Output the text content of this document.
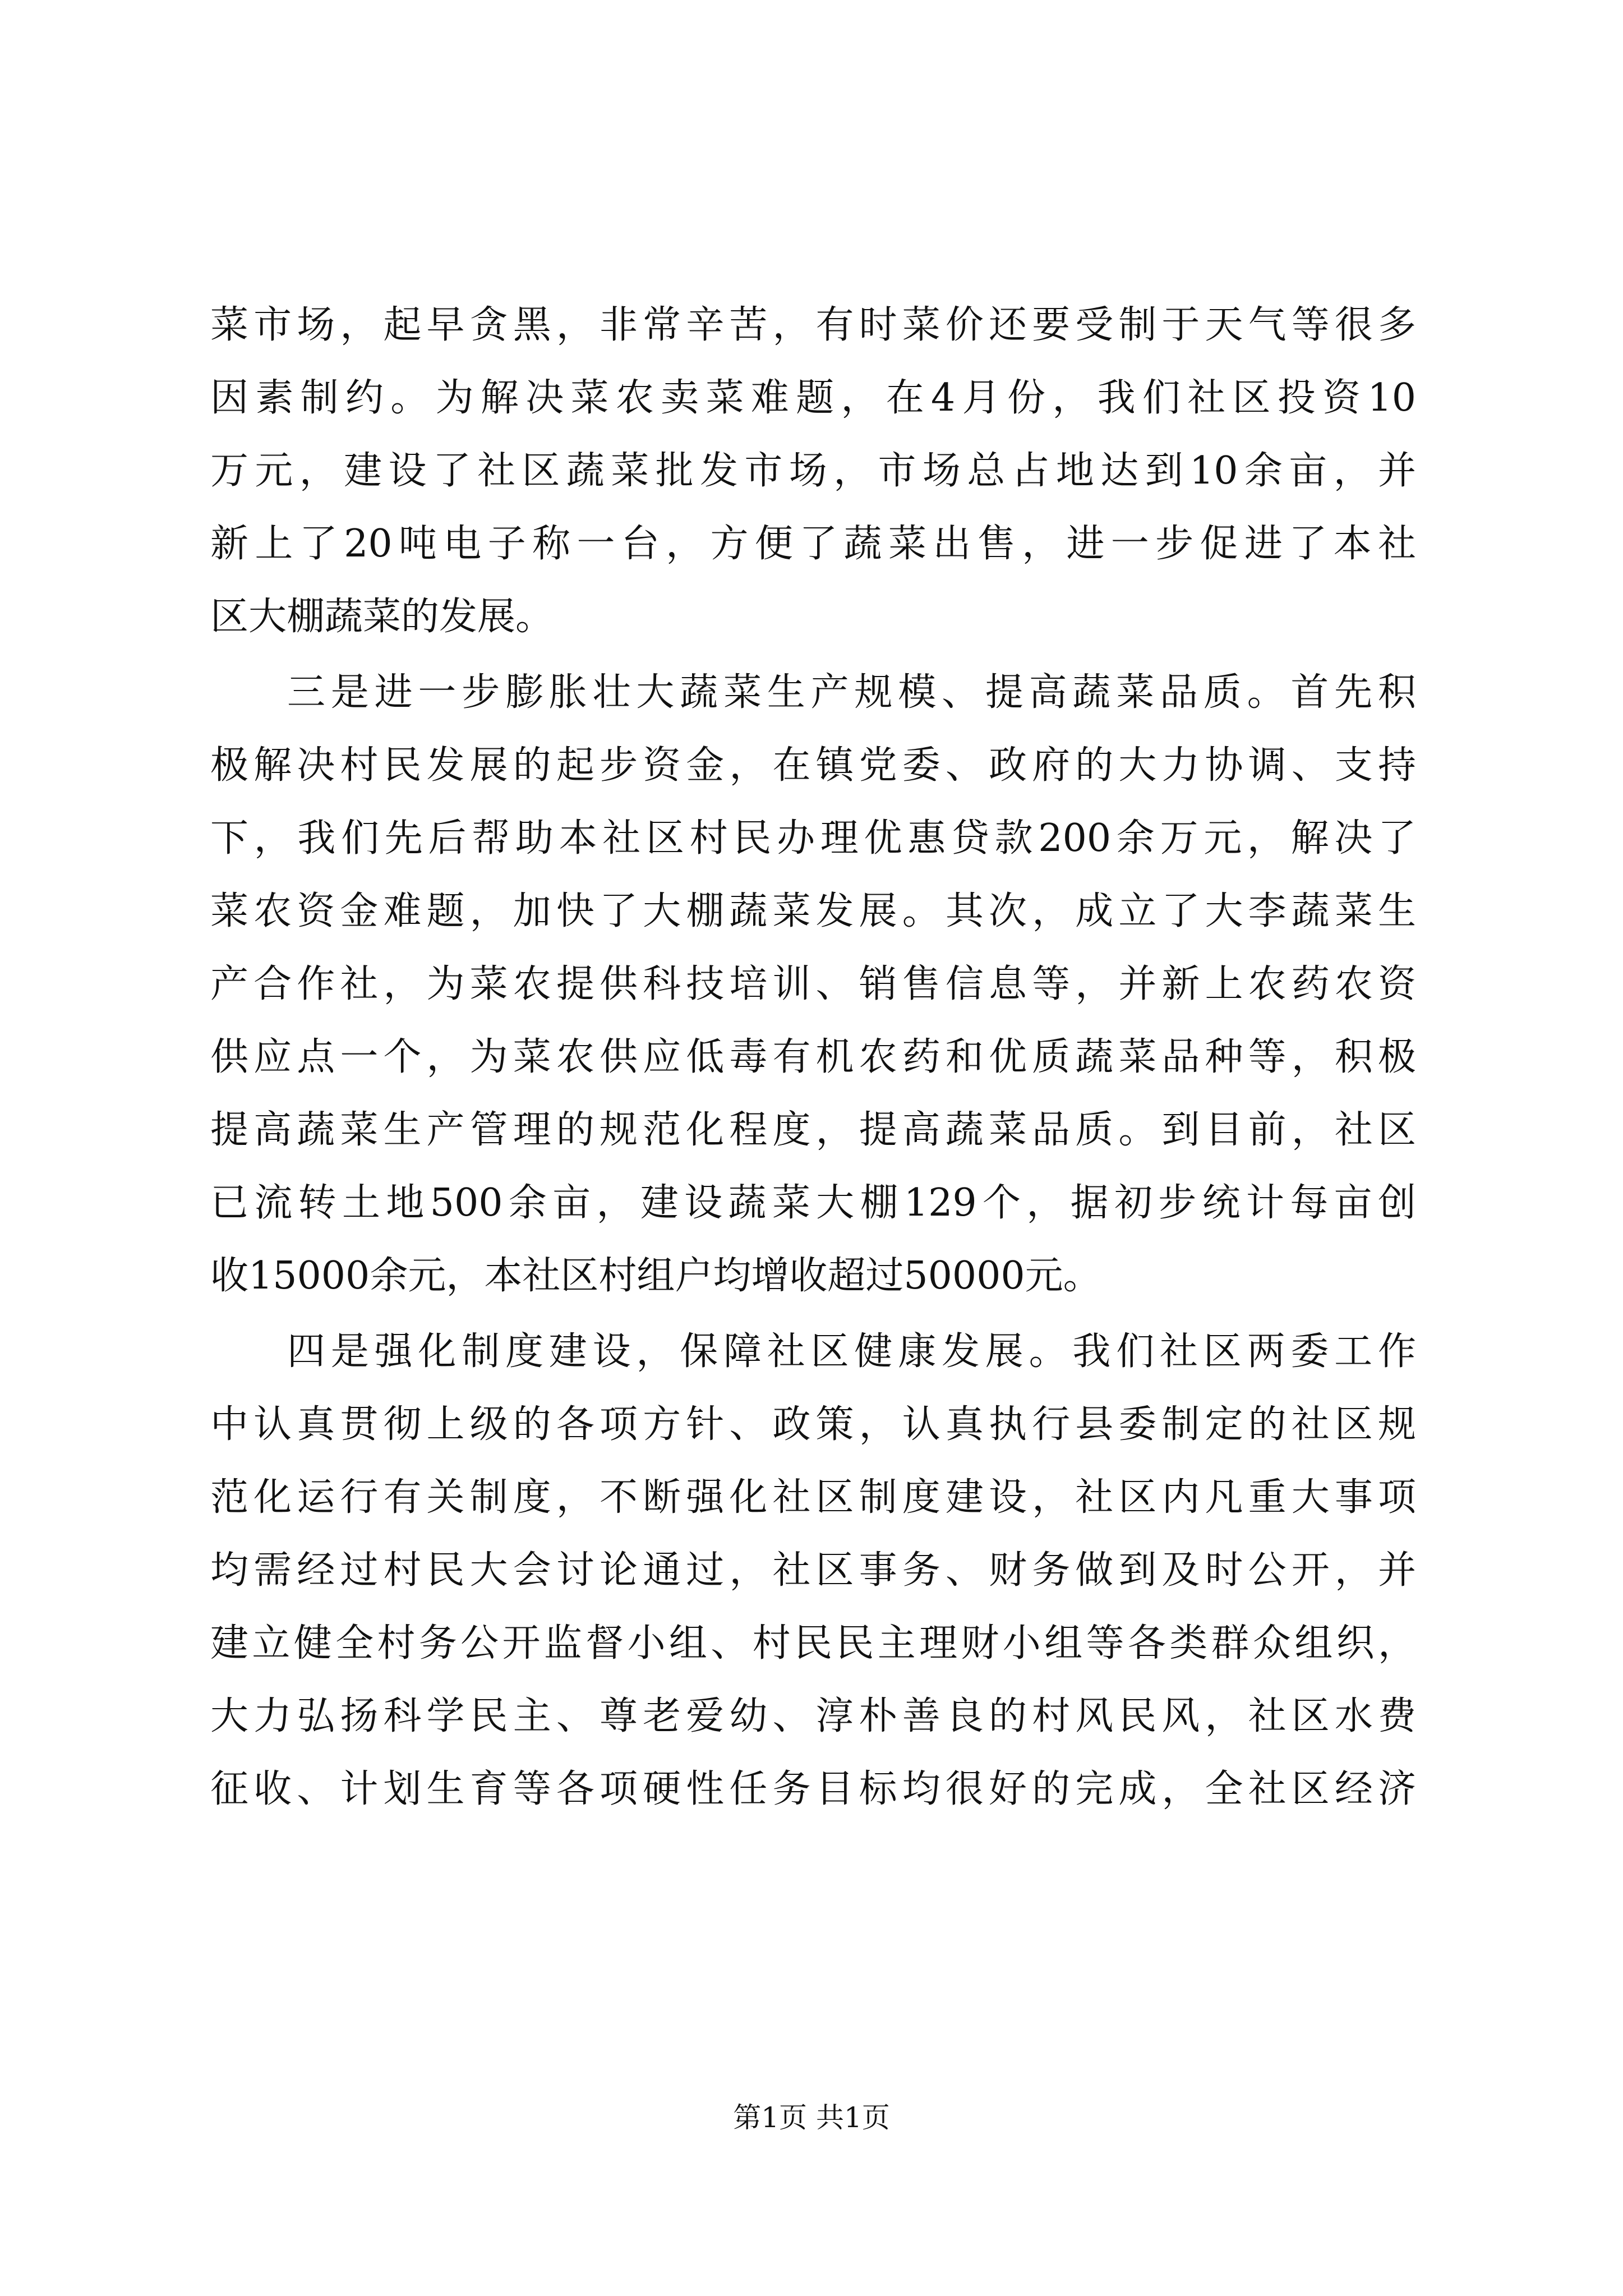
菜市场，起早贪黑，非常辛苦，有时菜价还要受制于天气等很多
因素制约。为解决菜农卖菜难题，在4月份，我们社区投资10
万元，建设了社区蔬菜批发市场，市场总占地达到10余亩，并
新上了20吨电子称一台，方便了蔬菜出售，进一步促进了本社
区大棚蔬菜的发展。
三是进一步膨胀壮大蔬菜生产规模、提高蔬菜品质。首先积
极解决村民发展的起步资金，在镇党委、政府的大力协调、支持
下，我们先后帮助本社区村民办理优惠贷款200余万元，解决了
菜农资金难题，加快了大棚蔬菜发展。其次，成立了大李蔬菜生
产合作社，为菜农提供科技培训、销售信息等，并新上农药农资
供应点一个，为菜农供应低毒有机农药和优质蔬菜品种等，积极
提高蔬菜生产管理的规范化程度，提高蔬菜品质。到目前，社区
已流转土地500余亩，建设蔬菜大棚129个，据初步统计每亩创
收15000余元，本社区村组户均增收超过50000元。
四是强化制度建设，保障社区健康发展。我们社区两委工作
中认真贯彻上级的各项方针、政策，认真执行县委制定的社区规
范化运行有关制度，不断强化社区制度建设，社区内凡重大事项
均需经过村民大会讨论通过，社区事务、财务做到及时公开，并
建立健全村务公开监督小组、村民民主理财小组等各类群众组织，
大力弘扬科学民主、尊老爱幼、淳朴善良的村风民风，社区水费
征收、计划生育等各项硬性任务目标均很好的完成，全社区经济
第1页 共1页
